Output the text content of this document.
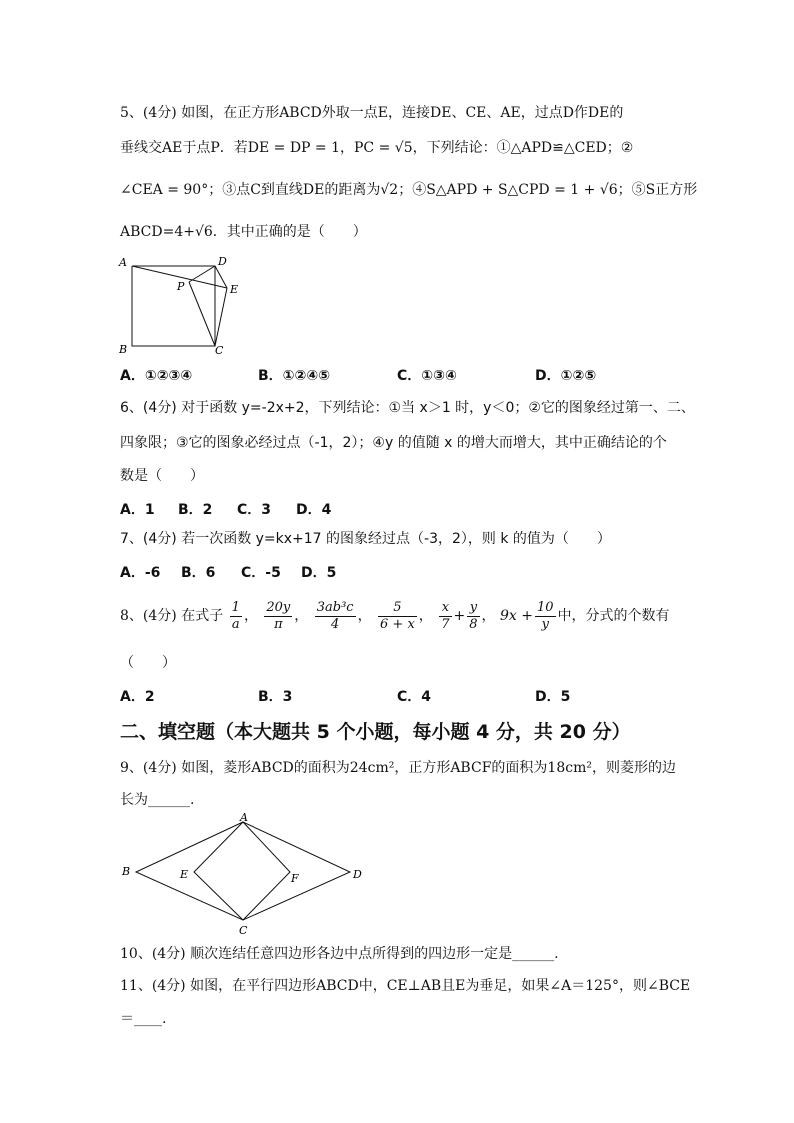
5、(4分) 如图，在正方形ABCD外取一点E，连接DE、CE、AE，过点D作DE的
垂线交AE于点P．若DE = DP = 1，PC = √5，下列结论：①△APD≌△CED；②
∠CEA = 90°；③点C到直线DE的距离为√2；④S△APD + S△CPD = 1 + √6；⑤S正方形
ABCD=4+√6．其中正确的是（　　）
A	D
P	E
B	C
A．①②③④	B．①②④⑤	C．①③④	D．①②⑤
6、(4分) 对于函数 y=-2x+2，下列结论：①当 x＞1 时，y＜0；②它的图象经过第一、二、
四象限；③它的图象必经过点（-1，2）；④y 的值随 x 的增大而增大，其中正确结论的个
数是（　　）
A．1 B．2 C．3 D．4
7、(4分) 若一次函数 y=kx+17 的图象经过点（-3，2），则 k 的值为（　　）
A．-6 B．6 C．-5 D．5
8、(4分) 在式子 $\frac{1}{a}$ ， $\frac{20y}{\pi}$ ， $\frac{\text{3ab³c}}{4}$ ， $\frac{5}{6 + x}$ ， $\frac{x}{7} + \frac{y}{8}$ ， $9x + \frac{10}{y}$ 中，分式的个数有
（　　）
A．2	B．3	C．4	D．5
二、填空题（本大题共 5 个小题，每小题 4 分，共 20 分）
9、(4分) 如图，菱形ABCD的面积为24cm²，正方形ABCF的面积为18cm²，则菱形的边
长为______.
A
B	E	F	D
C
10、(4分) 顺次连结任意四边形各边中点所得到的四边形一定是______.
11、(4分) 如图，在平行四边形ABCD中，CE⊥AB且E为垂足，如果∠A＝125°，则∠BCE
＝____.
